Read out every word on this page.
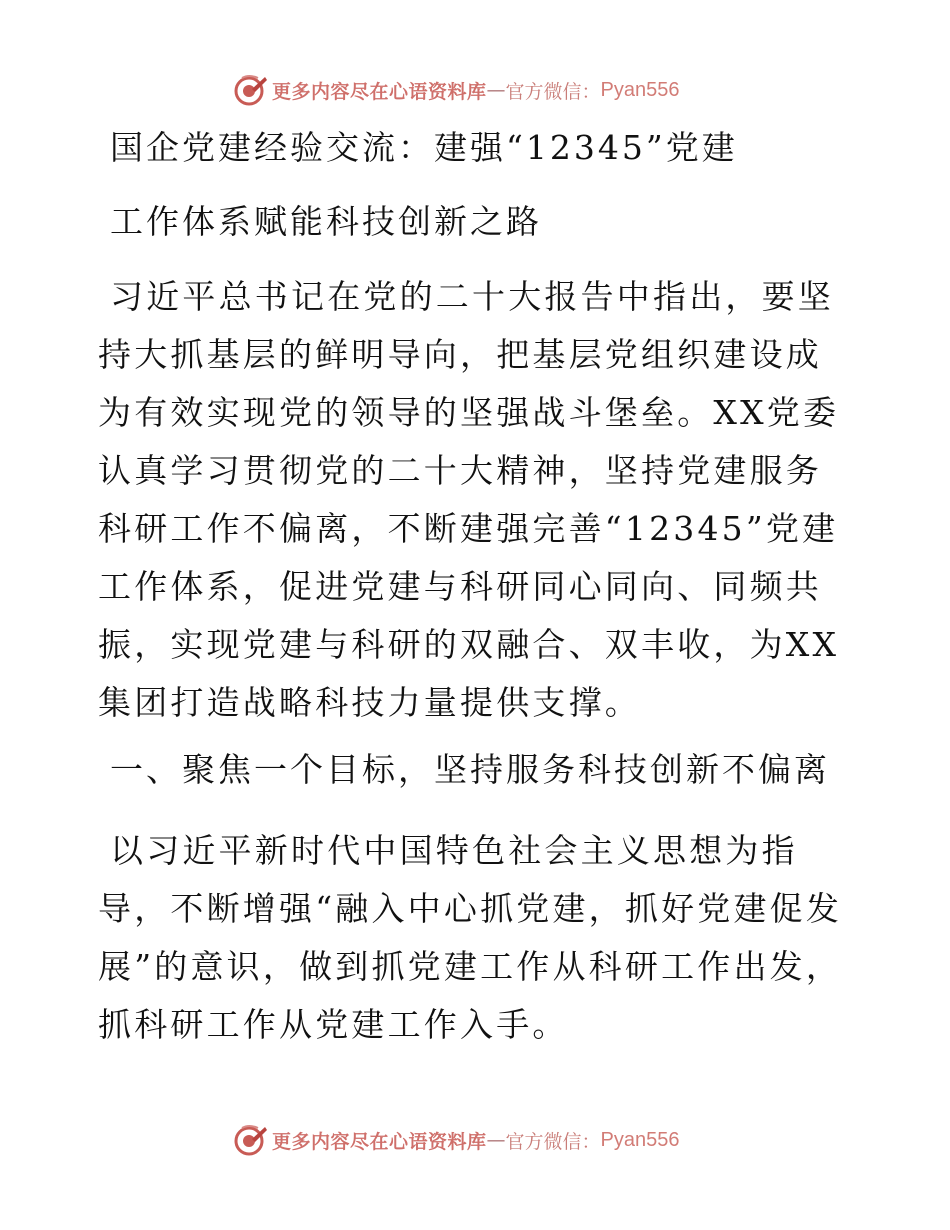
更多内容尽在心语资料库 — 官方微信： Pyan556
国企党建经验交流：建强“12345”党建
工作体系赋能科技创新之路

习近平总书记在党的二十大报告中指出，要坚持大抓基层的鲜明导向，把基层党组织建设成为有效实现党的领导的坚强战斗堡垒。XX党委认真学习贯彻党的二十大精神，坚持党建服务科研工作不偏离，不断建强完善“12345”党建工作体系，促进党建与科研同心同向、同频共振，实现党建与科研的双融合、双丰收，为XX集团打造战略科技力量提供支撑。

一、聚焦一个目标，坚持服务科技创新不偏离

以习近平新时代中国特色社会主义思想为指导，不断增强“融入中心抓党建，抓好党建促发展”的意识，做到抓党建工作从科研工作出发，抓科研工作从党建工作入手。

更多内容尽在心语资料库 — 官方微信： Pyan556
